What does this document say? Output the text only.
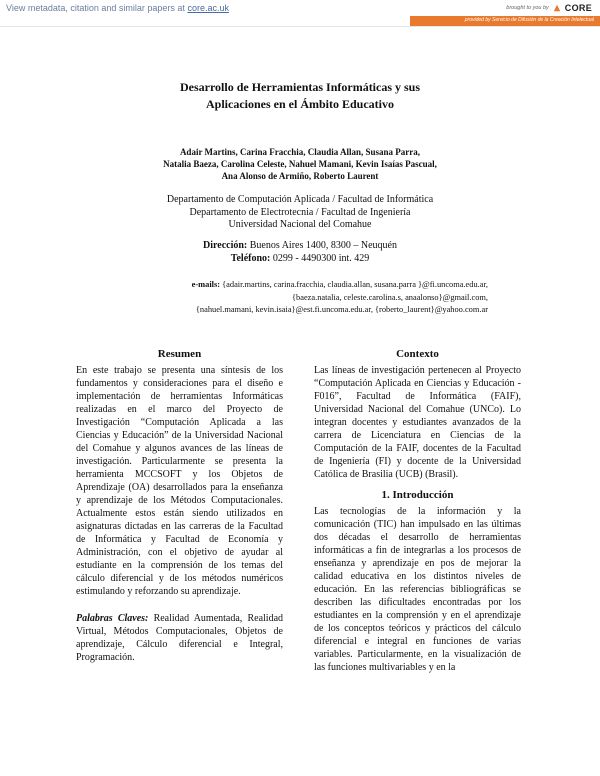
View metadata, citation and similar papers at core.ac.uk	brought to you by CORE
provided by Servicio de Difusión de la Creación Intelectual
Desarrollo de Herramientas Informáticas y sus
Aplicaciones en el Ámbito Educativo
Adair Martins, Carina Fracchia, Claudia Allan, Susana Parra,
Natalia Baeza, Carolina Celeste, Nahuel Mamani, Kevin Isaías Pascual,
Ana Alonso de Armiño, Roberto Laurent
Departamento de Computación Aplicada / Facultad de Informática
Departamento de Electrotecnia / Facultad de Ingeniería
Universidad Nacional del Comahue
Dirección: Buenos Aires 1400, 8300 – Neuquén
Teléfono: 0299 - 4490300 int. 429
e-mails: {adair.martins, carina.fracchia, claudia.allan, susana.parra }@fi.uncoma.edu.ar,
{baeza.natalia, celeste.carolina.s, anaalonso}@gmail.com,
{nahuel.mamani, kevin.isaia}@est.fi.uncoma.edu.ar, {roberto_laurent}@yahoo.com.ar
Resumen

En este trabajo se presenta una síntesis de los fundamentos y consideraciones para el diseño e implementación de herramientas Informáticas realizadas en el marco del Proyecto de Investigación “Computación Aplicada a las Ciencias y Educación” de la Universidad Nacional del Comahue y algunos avances de las líneas de investigación. Particularmente se presenta la herramienta MCCSOFT y los Objetos de Aprendizaje (OA) desarrollados para la enseñanza y aprendizaje de los Métodos Computacionales. Actualmente estos están siendo utilizados en asignaturas dictadas en las carreras de la Facultad de Informática y Facultad de Economía y Administración, con el objetivo de ayudar al estudiante en la comprensión de los temas del cálculo diferencial y de los métodos numéricos estimulando y reforzando su aprendizaje.

Palabras Claves: Realidad Aumentada, Realidad Virtual, Métodos Computacionales, Objetos de aprendizaje, Cálculo diferencial e Integral, Programación.

Contexto

Las líneas de investigación pertenecen al Proyecto “Computación Aplicada en Ciencias y Educación - F016”, Facultad de Informática (FAIF), Universidad Nacional del Comahue (UNCo). Lo integran docentes y estudiantes avanzados de la carrera de Licenciatura en Ciencias de la Computación de la FAIF, docentes de la Facultad de Ingeniería (FI) y docente de la Universidad Católica de Brasilia (UCB) (Brasil).

1. Introducción

Las tecnologías de la información y la comunicación (TIC) han impulsado en las últimas dos décadas el desarrollo de herramientas informáticas a fin de integrarlas a los procesos de enseñanza y aprendizaje en pos de mejorar la calidad educativa en los distintos niveles de educación. En las referencias bibliográficas se describen las dificultades encontradas por los estudiantes en la comprensión y en el aprendizaje de los conceptos teóricos y prácticos del cálculo diferencial e integral en funciones de varias variables. Particularmente, en la visualización de las funciones multivariables y en la
